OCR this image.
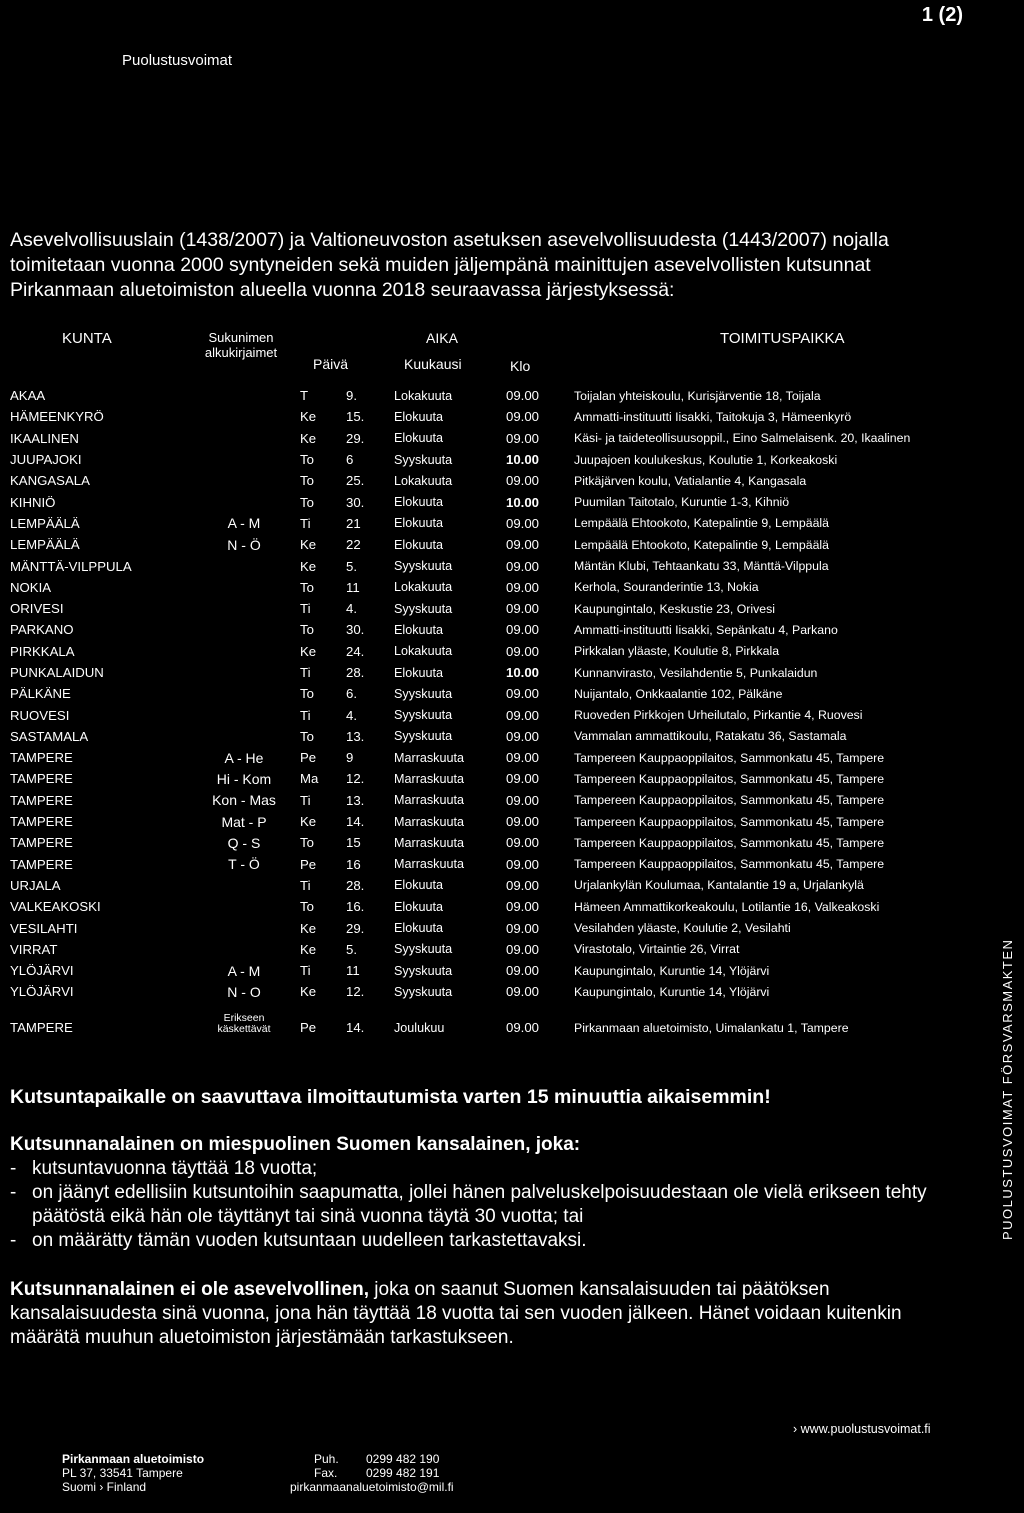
1 (2)
Puolustusvoimat
Asevelvollisuuslain (1438/2007) ja Valtioneuvoston asetuksen asevelvollisuudesta (1443/2007) nojalla toimitetaan vuonna 2000 syntyneiden sekä muiden jäljempänä mainittujen asevelvollisten kutsunnat Pirkanmaan aluetoimiston alueella vuonna 2018 seuraavassa järjestyksessä:
KUNTA	Sukunimen alkukirjaimet
AIKA
Päivä	Kuukausi	Klo
TOIMITUSPAIKKA
AKAA		T	9.	Lokakuuta	09.00	Toijalan yhteiskoulu, Kurisjärventie 18, Toijala
HÄMEENKYRÖ		Ke	15.	Elokuuta	09.00	Ammatti-instituutti Iisakki, Taitokuja 3, Hämeenkyrö
IKAALINEN		Ke	29.	Elokuuta	09.00	Käsi- ja taideteollisuusoppil., Eino Salmelaisenk. 20, Ikaalinen
JUUPAJOKI		To	6	Syyskuuta	10.00	Juupajoen koulukeskus, Koulutie 1, Korkeakoski
KANGASALA		To	25.	Lokakuuta	09.00	Pitkäjärven koulu, Vatialantie 4, Kangasala
KIHNIÖ		To	30.	Elokuuta	10.00	Puumilan Taitotalo, Kuruntie 1-3, Kihniö
LEMPÄÄLÄ	A - M	Ti	21	Elokuuta	09.00	Lempäälä Ehtookoto, Katepalintie 9, Lempäälä
LEMPÄÄLÄ	N - Ö	Ke	22	Elokuuta	09.00	Lempäälä Ehtookoto, Katepalintie 9, Lempäälä
MÄNTTÄ-VILPPULA		Ke	5.	Syyskuuta	09.00	Mäntän Klubi, Tehtaankatu 33, Mänttä-Vilppula
NOKIA		To	11	Lokakuuta	09.00	Kerhola, Souranderintie 13, Nokia
ORIVESI		Ti	4.	Syyskuuta	09.00	Kaupungintalo, Keskustie 23, Orivesi
PARKANO		To	30.	Elokuuta	09.00	Ammatti-instituutti Iisakki, Sepänkatu 4, Parkano
PIRKKALA		Ke	24.	Lokakuuta	09.00	Pirkkalan yläaste, Koulutie 8, Pirkkala
PUNKALAIDUN		Ti	28.	Elokuuta	10.00	Kunnanvirasto, Vesilahdentie 5, Punkalaidun
PÄLKÄNE		To	6.	Syyskuuta	09.00	Nuijantalo, Onkkaalantie 102, Pälkäne
RUOVESI		Ti	4.	Syyskuuta	09.00	Ruoveden Pirkkojen Urheilutalo, Pirkantie 4, Ruovesi
SASTAMALA		To	13.	Syyskuuta	09.00	Vammalan ammattikoulu, Ratakatu 36, Sastamala
TAMPERE	A - He	Pe	9	Marraskuuta	09.00	Tampereen Kauppaoppilaitos, Sammonkatu 45, Tampere
TAMPERE	Hi - Kom	Ma	12.	Marraskuuta	09.00	Tampereen Kauppaoppilaitos, Sammonkatu 45, Tampere
TAMPERE	Kon - Mas	Ti	13.	Marraskuuta	09.00	Tampereen Kauppaoppilaitos, Sammonkatu 45, Tampere
TAMPERE	Mat - P	Ke	14.	Marraskuuta	09.00	Tampereen Kauppaoppilaitos, Sammonkatu 45, Tampere
TAMPERE	Q - S	To	15	Marraskuuta	09.00	Tampereen Kauppaoppilaitos, Sammonkatu 45, Tampere
TAMPERE	T - Ö	Pe	16	Marraskuuta	09.00	Tampereen Kauppaoppilaitos, Sammonkatu 45, Tampere
URJALA		Ti	28.	Elokuuta	09.00	Urjalankylän Koulumaa, Kantalantie 19 a, Urjalankylä
VALKEAKOSKI		To	16.	Elokuuta	09.00	Hämeen Ammattikorkeakoulu, Lotilantie 16, Valkeakoski
VESILAHTI		Ke	29.	Elokuuta	09.00	Vesilahden yläaste, Koulutie 2, Vesilahti
VIRRAT		Ke	5.	Syyskuuta	09.00	Virastotalo, Virtaintie 26, Virrat
YLÖJÄRVI	A - M	Ti	11	Syyskuuta	09.00	Kaupungintalo, Kuruntie 14, Ylöjärvi
YLÖJÄRVI	N - O	Ke	12.	Syyskuuta	09.00	Kaupungintalo, Kuruntie 14, Ylöjärvi
TAMPERE	Erikseen käskettävät	Pe	14.	Joulukuu	09.00	Pirkanmaan aluetoimisto, Uimalankatu 1, Tampere
Kutsuntapaikalle on saavuttava ilmoittautumista varten 15 minuuttia aikaisemmin!
Kutsunnanalainen on miespuolinen Suomen kansalainen, joka:
- kutsuntavuonna täyttää 18 vuotta;
- on jäänyt edellisiin kutsuntoihin saapumatta, jollei hänen palveluskelpoisuudestaan ole vielä erikseen tehty päätöstä eikä hän ole täyttänyt tai sinä vuonna täytä 30 vuotta; tai
- on määrätty tämän vuoden kutsuntaan uudelleen tarkastettavaksi.
Kutsunnanalainen ei ole asevelvollinen, joka on saanut Suomen kansalaisuuden tai päätöksen kansalaisuudesta sinä vuonna, jona hän täyttää 18 vuotta tai sen vuoden jälkeen. Hänet voidaan kuitenkin määrätä muuhun aluetoimiston järjestämään tarkastukseen.
PUOLUSTUSVOIMAT FÖRSVARSMAKTEN
› www.puolustusvoimat.fi
Pirkanmaan aluetoimisto
PL 37, 33541 Tampere
Suomi › Finland
Puh. 0299 482 190
Fax. 0299 482 191
pirkanmaanaluetoimisto@mil.fi
